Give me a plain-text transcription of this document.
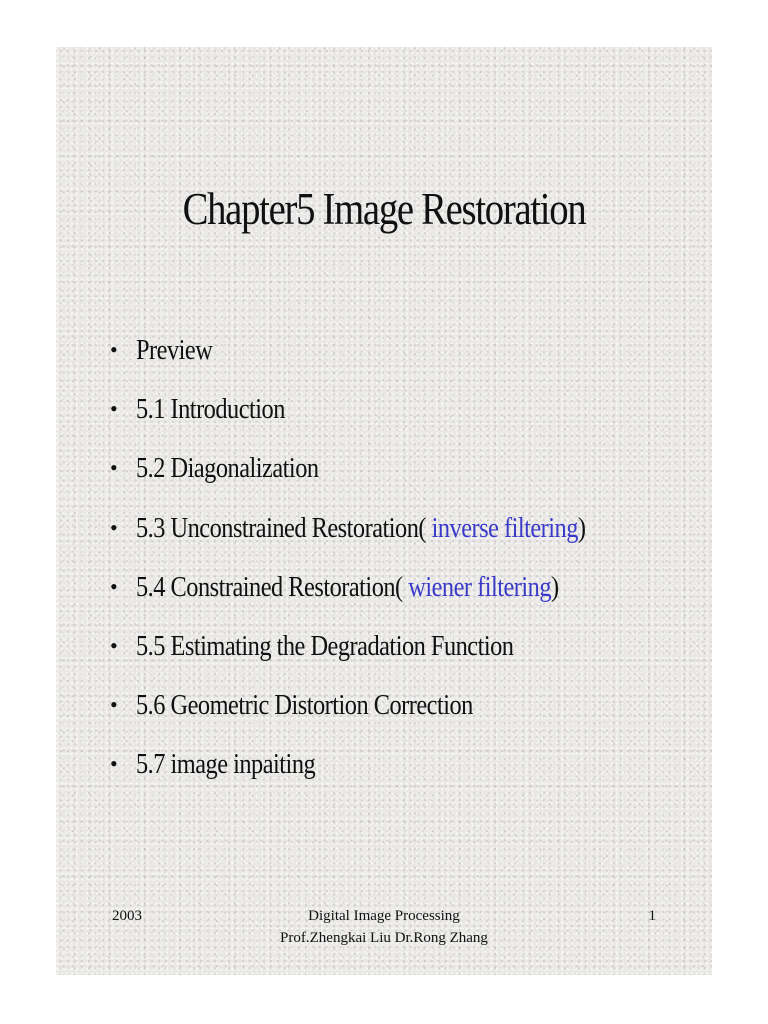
Chapter5 Image Restoration
• Preview
• 5.1 Introduction
• 5.2 Diagonalization
• 5.3 Unconstrained Restoration( inverse filtering)
• 5.4 Constrained Restoration( wiener filtering)
• 5.5 Estimating the Degradation Function
• 5.6 Geometric Distortion Correction
• 5.7 image inpaiting
2003	Digital Image Processing
Prof.Zhengkai Liu Dr.Rong Zhang
1
